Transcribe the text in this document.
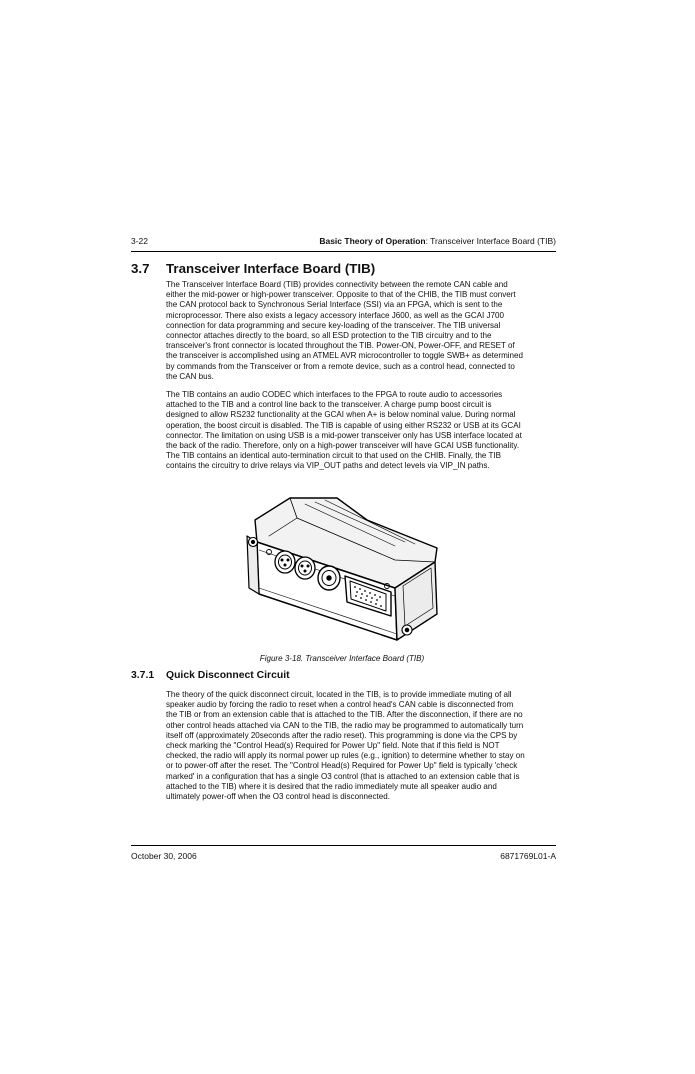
3-22	Basic Theory of Operation: Transceiver Interface Board (TIB)
3.7 Transceiver Interface Board (TIB)
The Transceiver Interface Board (TIB) provides connectivity between the remote CAN cable and
either the mid-power or high-power transceiver. Opposite to that of the CHIB, the TIB must convert
the CAN protocol back to Synchronous Serial Interface (SSI) via an FPGA, which is sent to the
microprocessor. There also exists a legacy accessory interface J600, as well as the GCAI J700
connection for data programming and secure key-loading of the transceiver. The TIB universal
connector attaches directly to the board, so all ESD protection to the TIB circuitry and to the
transceiver's front connector is located throughout the TIB. Power-ON, Power-OFF, and RESET of
the transceiver is accomplished using an ATMEL AVR microcontroller to toggle SWB+ as determined
by commands from the Transceiver or from a remote device, such as a control head, connected to
the CAN bus.
The TIB contains an audio CODEC which interfaces to the FPGA to route audio to accessories
attached to the TIB and a control line back to the transceiver. A charge pump boost circuit is
designed to allow RS232 functionality at the GCAI when A+ is below nominal value. During normal
operation, the boost circuit is disabled. The TIB is capable of using either RS232 or USB at its GCAI
connector. The limitation on using USB is a mid-power transceiver only has USB interface located at
the back of the radio. Therefore, only on a high-power transceiver will have GCAI USB functionality.
The TIB contains an identical auto-termination circuit to that used on the CHIB. Finally, the TIB
contains the circuitry to drive relays via VIP_OUT paths and detect levels via VIP_IN paths.
Figure 3-18. Transceiver Interface Board (TIB)
3.7.1 Quick Disconnect Circuit
The theory of the quick disconnect circuit, located in the TIB, is to provide immediate muting of all
speaker audio by forcing the radio to reset when a control head's CAN cable is disconnected from
the TIB or from an extension cable that is attached to the TIB. After the disconnection, if there are no
other control heads attached via CAN to the TIB, the radio may be programmed to automatically turn
itself off (approximately 20seconds after the radio reset). This programming is done via the CPS by
check marking the "Control Head(s) Required for Power Up" field. Note that if this field is NOT
checked, the radio will apply its normal power up rules (e.g., ignition) to determine whether to stay on
or to power-off after the reset. The "Control Head(s) Required for Power Up" field is typically 'check
marked' in a configuration that has a single O3 control (that is attached to an extension cable that is
attached to the TIB) where it is desired that the radio immediately mute all speaker audio and
ultimately power-off when the O3 control head is disconnected.
October 30, 2006	6871769L01-A
